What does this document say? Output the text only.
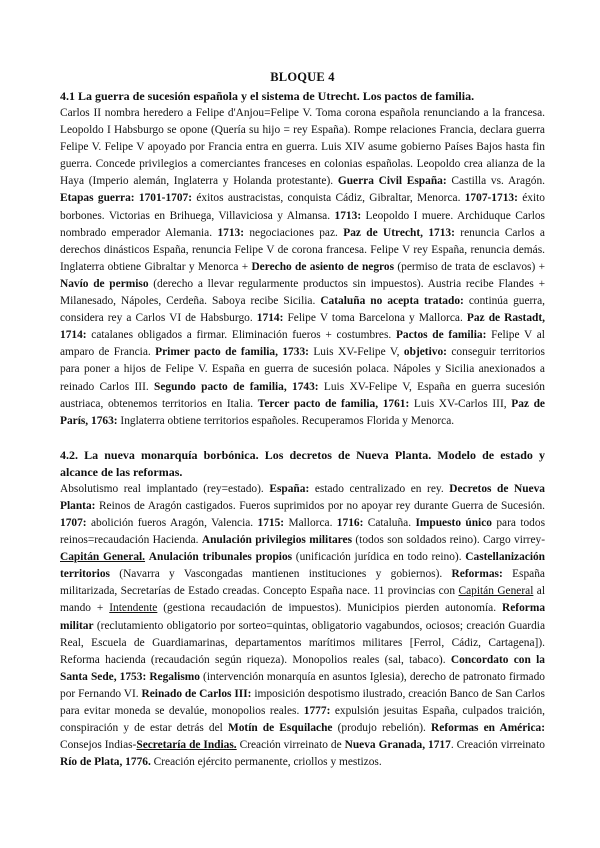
BLOQUE 4
4.1 La guerra de sucesión española y el sistema de Utrecht. Los pactos de familia.

Carlos II nombra heredero a Felipe d'Anjou=Felipe V. Toma corona española renunciando a la francesa. Leopoldo I Habsburgo se opone (Quería su hijo = rey España). Rompe relaciones Francia, declara guerra Felipe V. Felipe V apoyado por Francia entra en guerra. Luis XIV asume gobierno Países Bajos hasta fin guerra. Concede privilegios a comerciantes franceses en colonias españolas. Leopoldo crea alianza de la Haya (Imperio alemán, Inglaterra y Holanda protestante). Guerra Civil España: Castilla vs. Aragón. Etapas guerra: 1701-1707: éxitos austracistas, conquista Cádiz, Gibraltar, Menorca. 1707-1713: éxito borbones. Victorias en Brihuega, Villaviciosa y Almansa. 1713: Leopoldo I muere. Archiduque Carlos nombrado emperador Alemania. 1713: negociaciones paz. Paz de Utrecht, 1713: renuncia Carlos a derechos dinásticos España, renuncia Felipe V de corona francesa. Felipe V rey España, renuncia demás. Inglaterra obtiene Gibraltar y Menorca + Derecho de asiento de negros (permiso de trata de esclavos) + Navío de permiso (derecho a llevar regularmente productos sin impuestos). Austria recibe Flandes + Milanesado, Nápoles, Cerdeña. Saboya recibe Sicilia. Cataluña no acepta tratado: continúa guerra, considera rey a Carlos VI de Habsburgo. 1714: Felipe V toma Barcelona y Mallorca. Paz de Rastadt, 1714: catalanes obligados a firmar. Eliminación fueros + costumbres. Pactos de familia: Felipe V al amparo de Francia. Primer pacto de familia, 1733: Luis XV-Felipe V, objetivo: conseguir territorios para poner a hijos de Felipe V. España en guerra de sucesión polaca. Nápoles y Sicilia anexionados a reinado Carlos III. Segundo pacto de familia, 1743: Luis XV-Felipe V, España en guerra sucesión austriaca, obtenemos territorios en Italia. Tercer pacto de familia, 1761: Luis XV-Carlos III, Paz de París, 1763: Inglaterra obtiene territorios españoles. Recuperamos Florida y Menorca.

4.2. La nueva monarquía borbónica. Los decretos de Nueva Planta. Modelo de estado y alcance de las reformas.

Absolutismo real implantado (rey=estado). España: estado centralizado en rey. Decretos de Nueva Planta: Reinos de Aragón castigados. Fueros suprimidos por no apoyar rey durante Guerra de Sucesión. 1707: abolición fueros Aragón, Valencia. 1715: Mallorca. 1716: Cataluña. Impuesto único para todos reinos=recaudación Hacienda. Anulación privilegios militares (todos son soldados reino). Cargo virrey-Capitán General. Anulación tribunales propios (unificación jurídica en todo reino). Castellanización territorios (Navarra y Vascongadas mantienen instituciones y gobiernos). Reformas: España militarizada, Secretarías de Estado creadas. Concepto España nace. 11 provincias con Capitán General al mando + Intendente (gestiona recaudación de impuestos). Municipios pierden autonomía. Reforma militar (reclutamiento obligatorio por sorteo=quintas, obligatorio vagabundos, ociosos; creación Guardia Real, Escuela de Guardiamarinas, departamentos marítimos militares [Ferrol, Cádiz, Cartagena]). Reforma hacienda (recaudación según riqueza). Monopolios reales (sal, tabaco). Concordato con la Santa Sede, 1753: Regalismo (intervención monarquía en asuntos Iglesia), derecho de patronato firmado por Fernando VI. Reinado de Carlos III: imposición despotismo ilustrado, creación Banco de San Carlos para evitar moneda se devalúe, monopolios reales. 1777: expulsión jesuitas España, culpados traición, conspiración y de estar detrás del Motín de Esquilache (produjo rebelión). Reformas en América: Consejos Indias-Secretaría de Indias. Creación virreinato de Nueva Granada, 1717. Creación virreinato Río de Plata, 1776. Creación ejército permanente, criollos y mestizos.
